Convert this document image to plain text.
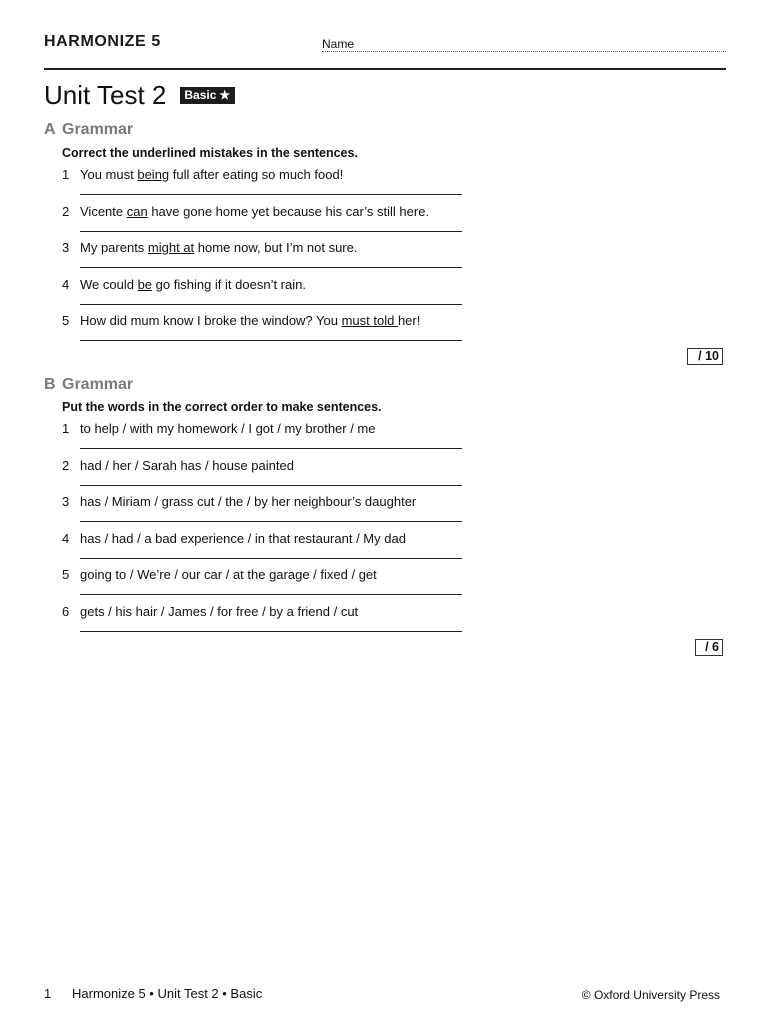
HARMONIZE 5	Name
Unit Test 2 Basic ★
A Grammar
Correct the underlined mistakes in the sentences.
1 You must being full after eating so much food!
2 Vicente can have gone home yet because his car’s still here.
3 My parents might at home now, but I’m not sure.
4 We could be go fishing if it doesn’t rain.
5 How did mum know I broke the window? You must told her!
/ 10
B Grammar
Put the words in the correct order to make sentences.
1 to help / with my homework / I got / my brother / me
2 had / her / Sarah has / house painted
3 has / Miriam / grass cut / the / by her neighbour’s daughter
4 has / had / a bad experience / in that restaurant / My dad
5 going to / We’re / our car / at the garage / fixed / get
6 gets / his hair / James / for free / by a friend / cut
/ 6
1 Harmonize 5 • Unit Test 2 • Basic	© Oxford University Press
